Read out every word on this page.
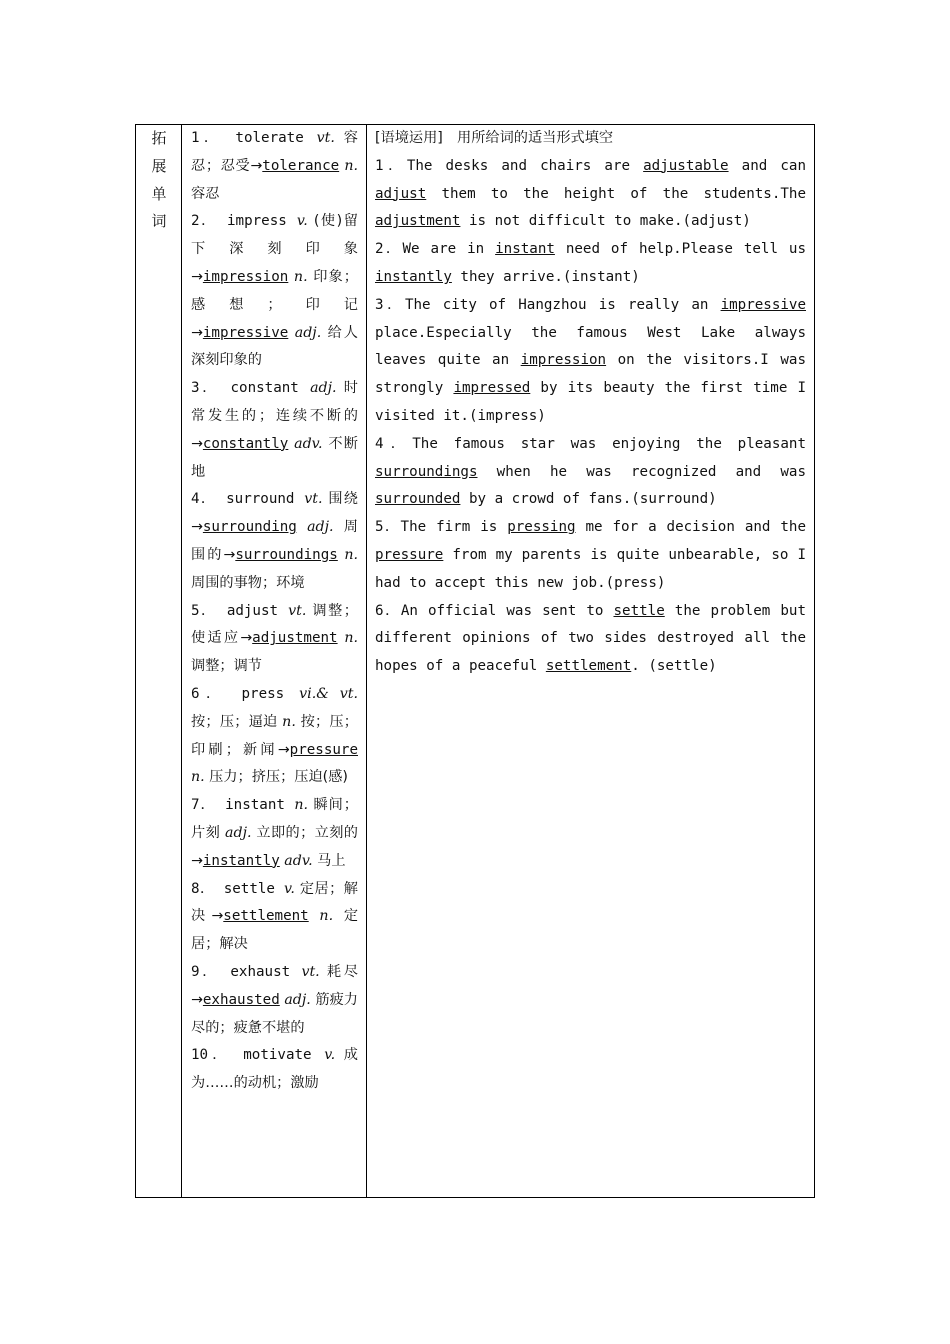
拓
展
单
词

1． tolerate vt. 容忍；忍受→tolerance n. 容忍

2． impress v. (使)留下深刻印象→impression n. 印象；感想；印记→impressive adj. 给人深刻印象的

3． constant adj. 时常发生的；连续不断的→constantly adv. 不断地

4． surround vt. 围绕→surrounding adj. 周围的→surroundings n. 周围的事物；环境

5． adjust vt. 调整；使适应→adjustment n. 调整；调节

6． press vi.& vt. 按；压；逼迫 n. 按；压；印刷；新闻→pressure n. 压力；挤压；压迫(感)

7． instant n. 瞬间；片刻 adj. 立即的；立刻的→instantly adv. 马上

8． settle v. 定居；解决→settlement n. 定居；解决

9． exhaust vt. 耗尽→exhausted adj. 筋疲力尽的；疲惫不堪的

10． motivate v. 成为……的动机；激励

[语境运用]　用所给词的适当形式填空

1．The desks and chairs are adjustable and can adjust them to the height of the students.The adjustment is not difficult to make.(adjust)

2．We are in instant need of help.Please tell us instantly they arrive.(instant)

3．The city of Hangzhou is really an impressive place.Especially the famous West Lake always leaves quite an impression on the visitors.I was strongly impressed by its beauty the first time I visited it.(impress)

4．The famous star was enjoying the pleasant surroundings when he was recognized and was surrounded by a crowd of fans.(surround)

5．The firm is pressing me for a decision and the pressure from my parents is quite unbearable, so I had to accept this new job.(press)

6．An official was sent to settle the problem but different opinions of two sides destroyed all the hopes of a peaceful settlement. (settle)
